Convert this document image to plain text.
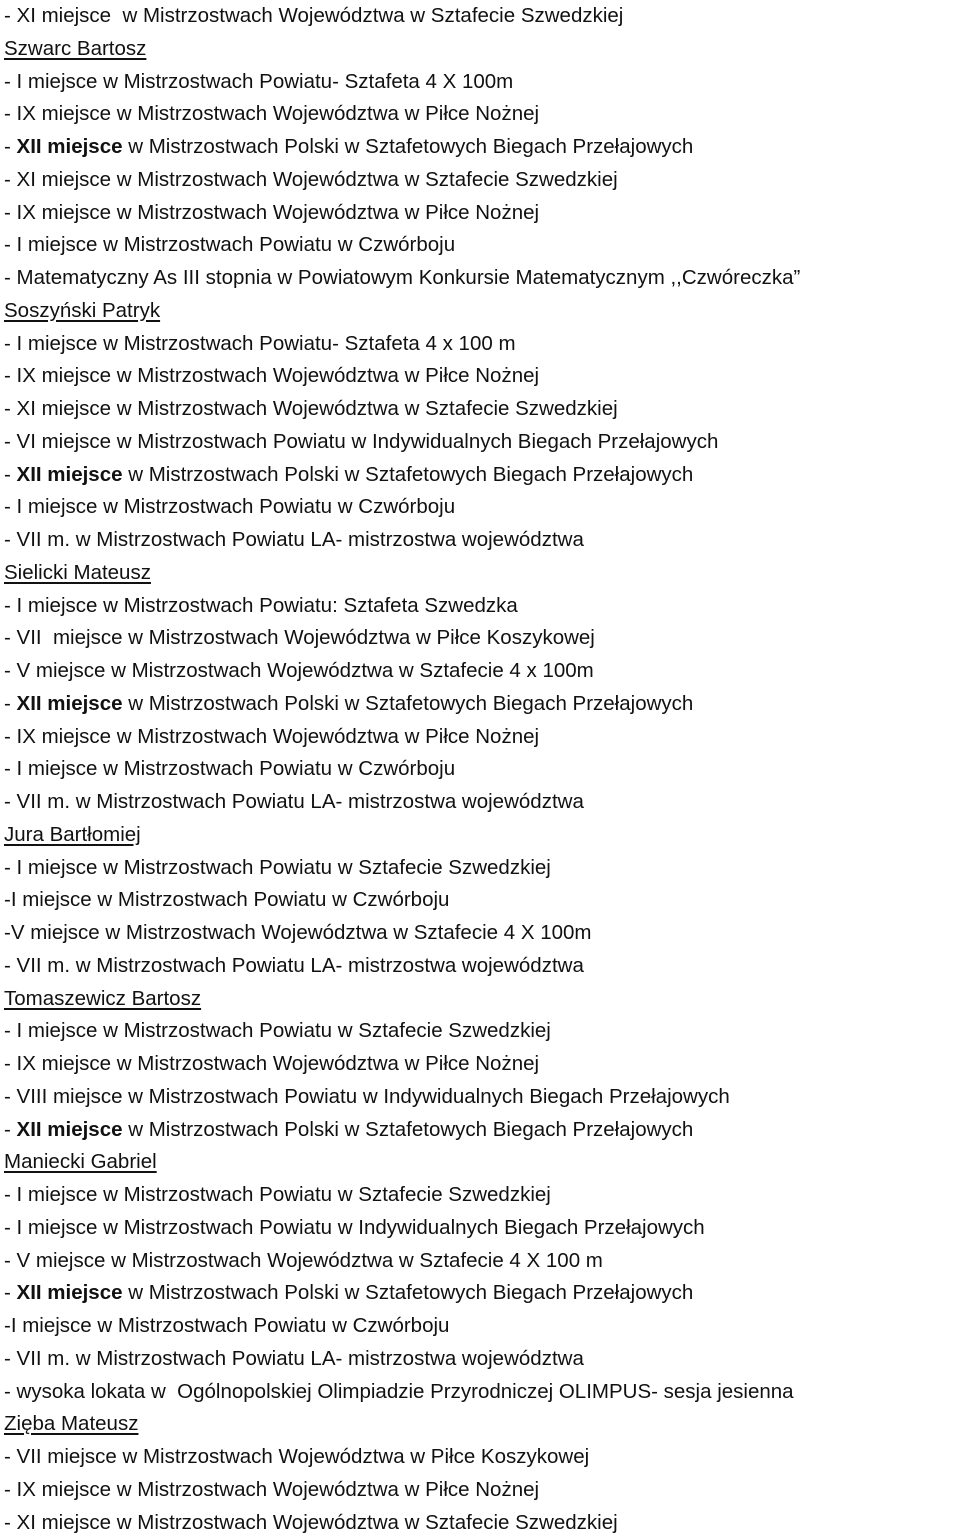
- XI miejsce  w Mistrzostwach Województwa w Sztafecie Szwedzkiej
Szwarc Bartosz
- I miejsce w Mistrzostwach Powiatu- Sztafeta 4 X 100m
- IX miejsce w Mistrzostwach Województwa w Piłce Nożnej
- XII miejsce w Mistrzostwach Polski w Sztafetowych Biegach Przełajowych
- XI miejsce w Mistrzostwach Województwa w Sztafecie Szwedzkiej
- IX miejsce w Mistrzostwach Województwa w Piłce Nożnej
- I miejsce w Mistrzostwach Powiatu w Czwórboju
- Matematyczny As III stopnia w Powiatowym Konkursie Matematycznym ,,Czwóreczka”
Soszyński Patryk
- I miejsce w Mistrzostwach Powiatu- Sztafeta 4 x 100 m
- IX miejsce w Mistrzostwach Województwa w Piłce Nożnej
- XI miejsce w Mistrzostwach Województwa w Sztafecie Szwedzkiej
- VI miejsce w Mistrzostwach Powiatu w Indywidualnych Biegach Przełajowych
- XII miejsce w Mistrzostwach Polski w Sztafetowych Biegach Przełajowych
- I miejsce w Mistrzostwach Powiatu w Czwórboju
- VII m. w Mistrzostwach Powiatu LA- mistrzostwa województwa
Sielicki Mateusz
- I miejsce w Mistrzostwach Powiatu: Sztafeta Szwedzka
- VII  miejsce w Mistrzostwach Województwa w Piłce Koszykowej
- V miejsce w Mistrzostwach Województwa w Sztafecie 4 x 100m
- XII miejsce w Mistrzostwach Polski w Sztafetowych Biegach Przełajowych
- IX miejsce w Mistrzostwach Województwa w Piłce Nożnej
- I miejsce w Mistrzostwach Powiatu w Czwórboju
- VII m. w Mistrzostwach Powiatu LA- mistrzostwa województwa
Jura Bartłomiej
- I miejsce w Mistrzostwach Powiatu w Sztafecie Szwedzkiej
-I miejsce w Mistrzostwach Powiatu w Czwórboju
-V miejsce w Mistrzostwach Województwa w Sztafecie 4 X 100m
- VII m. w Mistrzostwach Powiatu LA- mistrzostwa województwa
Tomaszewicz Bartosz
- I miejsce w Mistrzostwach Powiatu w Sztafecie Szwedzkiej
- IX miejsce w Mistrzostwach Województwa w Piłce Nożnej
- VIII miejsce w Mistrzostwach Powiatu w Indywidualnych Biegach Przełajowych
- XII miejsce w Mistrzostwach Polski w Sztafetowych Biegach Przełajowych
Maniecki Gabriel
- I miejsce w Mistrzostwach Powiatu w Sztafecie Szwedzkiej
- I miejsce w Mistrzostwach Powiatu w Indywidualnych Biegach Przełajowych
- V miejsce w Mistrzostwach Województwa w Sztafecie 4 X 100 m
- XII miejsce w Mistrzostwach Polski w Sztafetowych Biegach Przełajowych
-I miejsce w Mistrzostwach Powiatu w Czwórboju
- VII m. w Mistrzostwach Powiatu LA- mistrzostwa województwa
- wysoka lokata w  Ogólnopolskiej Olimpiadzie Przyrodniczej OLIMPUS- sesja jesienna
Zięba Mateusz
- VII miejsce w Mistrzostwach Województwa w Piłce Koszykowej
- IX miejsce w Mistrzostwach Województwa w Piłce Nożnej
- XI miejsce w Mistrzostwach Województwa w Sztafecie Szwedzkiej
